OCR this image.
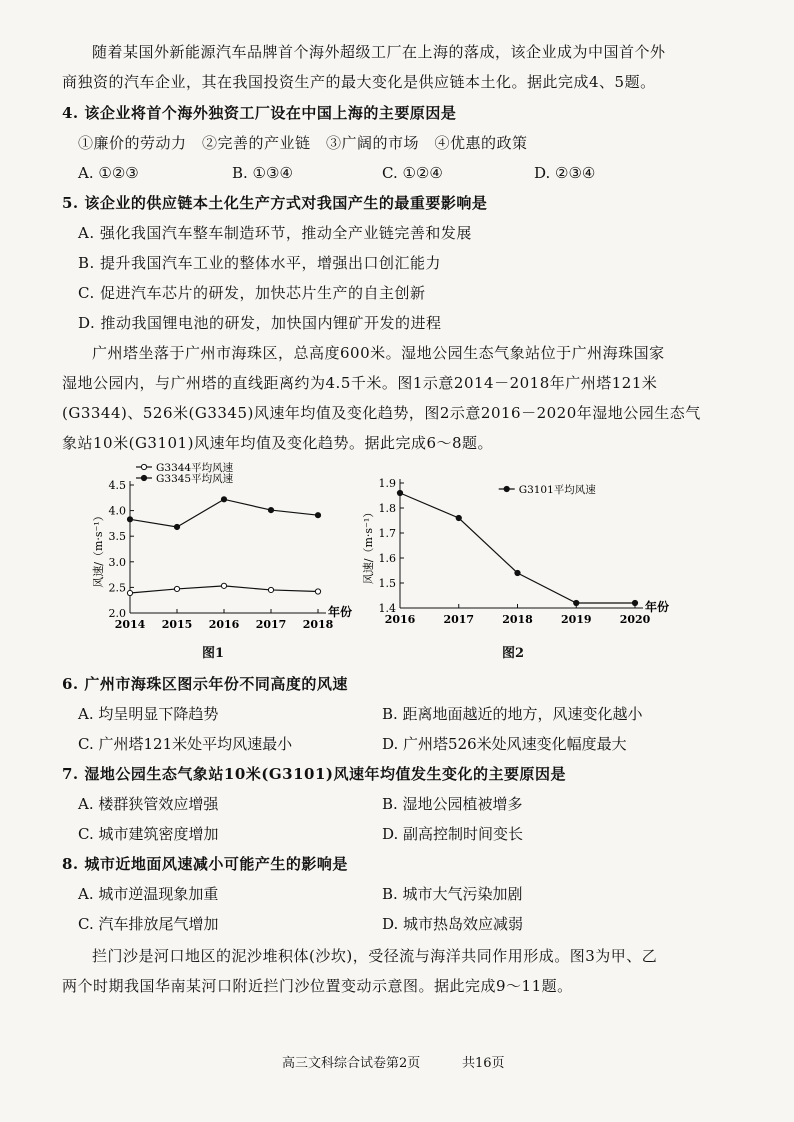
随着某国外新能源汽车品牌首个海外超级工厂在上海的落成，该企业成为中国首个外
商独资的汽车企业，其在我国投资生产的最大变化是供应链本土化。据此完成4、5题。
4. 该企业将首个海外独资工厂设在中国上海的主要原因是
①廉价的劳动力　②完善的产业链　③广阔的市场　④优惠的政策
A. ①②③	B. ①③④	C. ①②④	D. ②③④
5. 该企业的供应链本土化生产方式对我国产生的最重要影响是
A. 强化我国汽车整车制造环节，推动全产业链完善和发展
B. 提升我国汽车工业的整体水平，增强出口创汇能力
C. 促进汽车芯片的研发，加快芯片生产的自主创新
D. 推动我国锂电池的研发，加快国内锂矿开发的进程
广州塔坐落于广州市海珠区，总高度600米。湿地公园生态气象站位于广州海珠国家
湿地公园内，与广州塔的直线距离约为4.5千米。图1示意2014－2018年广州塔121米
(G3344)、526米(G3345)风速年均值及变化趋势，图2示意2016－2020年湿地公园生态气
象站10米(G3101)风速年均值及变化趋势。据此完成6～8题。
2.0
2.5
3.0
3.5
4.0
4.5
2014 2015 2016 2017 2018
年份
风速/（m·s⁻¹）
G3344平均风速
G3345平均风速
图1
1.4
1.5
1.6
1.7
1.8
1.9
2016	2017	2018	2019	2020
年份
风速/（m·s⁻¹）
G3101平均风速
图2
6. 广州市海珠区图示年份不同高度的风速
A. 均呈明显下降趋势	B. 距离地面越近的地方，风速变化越小
C. 广州塔121米处平均风速最小	D. 广州塔526米处风速变化幅度最大
7. 湿地公园生态气象站10米(G3101)风速年均值发生变化的主要原因是
A. 楼群狭管效应增强	B. 湿地公园植被增多
C. 城市建筑密度增加	D. 副高控制时间变长
8. 城市近地面风速减小可能产生的影响是
A. 城市逆温现象加重	B. 城市大气污染加剧
C. 汽车排放尾气增加	D. 城市热岛效应减弱
拦门沙是河口地区的泥沙堆积体(沙坎)，受径流与海洋共同作用形成。图3为甲、乙
两个时期我国华南某河口附近拦门沙位置变动示意图。据此完成9～11题。
高三文科综合试卷第2页	共16页
